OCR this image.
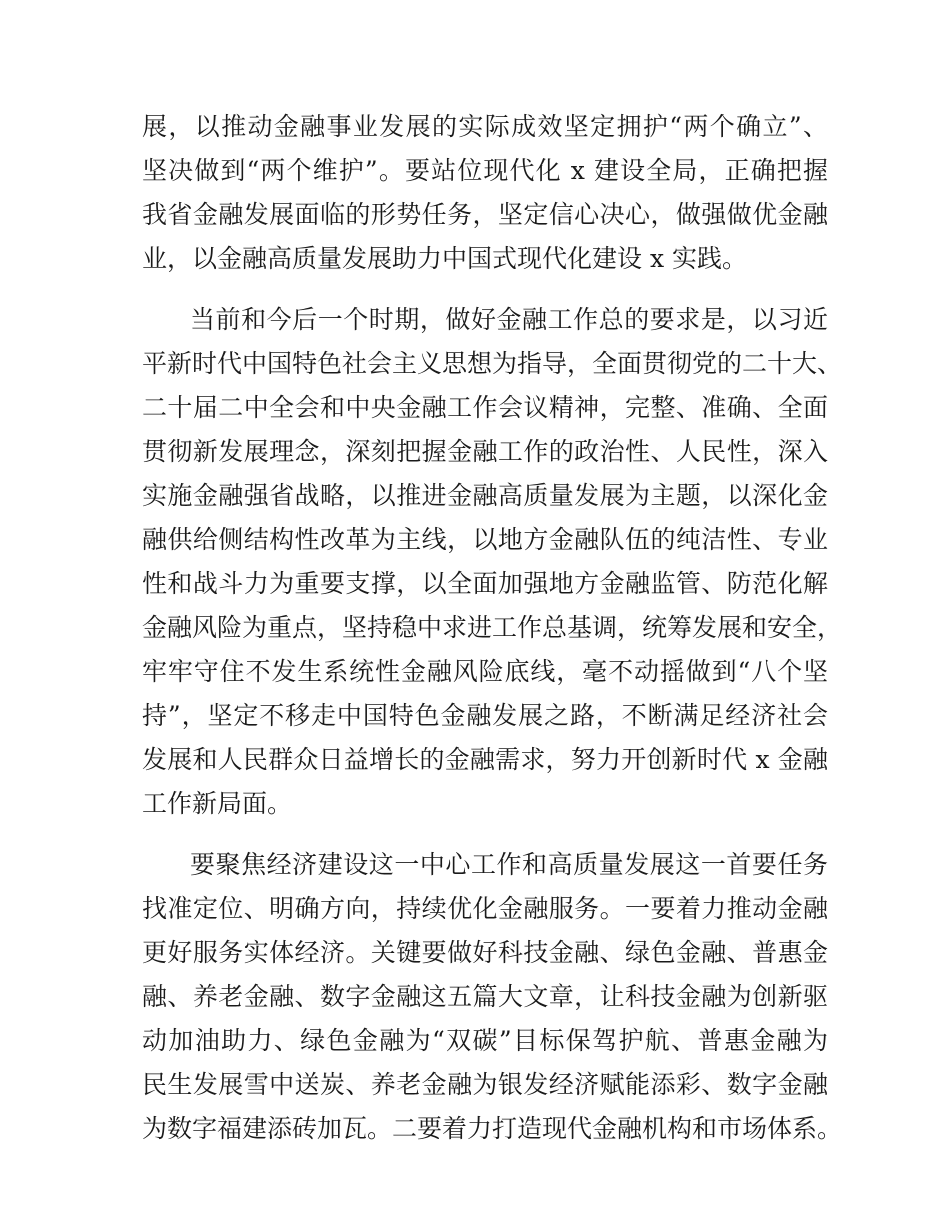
展，以推动金融事业发展的实际成效坚定拥护“两个确立”、
坚决做到“两个维护”。要站位现代化 x 建设全局，正确把握
我省金融发展面临的形势任务，坚定信心决心，做强做优金融
业，以金融高质量发展助力中国式现代化建设 x 实践。
当前和今后一个时期，做好金融工作总的要求是，以习近
平新时代中国特色社会主义思想为指导，全面贯彻党的二十大、
二十届二中全会和中央金融工作会议精神，完整、准确、全面
贯彻新发展理念，深刻把握金融工作的政治性、人民性，深入
实施金融强省战略，以推进金融高质量发展为主题，以深化金
融供给侧结构性改革为主线，以地方金融队伍的纯洁性、专业
性和战斗力为重要支撑，以全面加强地方金融监管、防范化解
金融风险为重点，坚持稳中求进工作总基调，统筹发展和安全，
牢牢守住不发生系统性金融风险底线，毫不动摇做到“八个坚
持”，坚定不移走中国特色金融发展之路，不断满足经济社会
发展和人民群众日益增长的金融需求，努力开创新时代 x 金融
工作新局面。
要聚焦经济建设这一中心工作和高质量发展这一首要任务
找准定位、明确方向，持续优化金融服务。一要着力推动金融
更好服务实体经济。关键要做好科技金融、绿色金融、普惠金
融、养老金融、数字金融这五篇大文章，让科技金融为创新驱
动加油助力、绿色金融为“双碳”目标保驾护航、普惠金融为
民生发展雪中送炭、养老金融为银发经济赋能添彩、数字金融
为数字福建添砖加瓦。二要着力打造现代金融机构和市场体系。
